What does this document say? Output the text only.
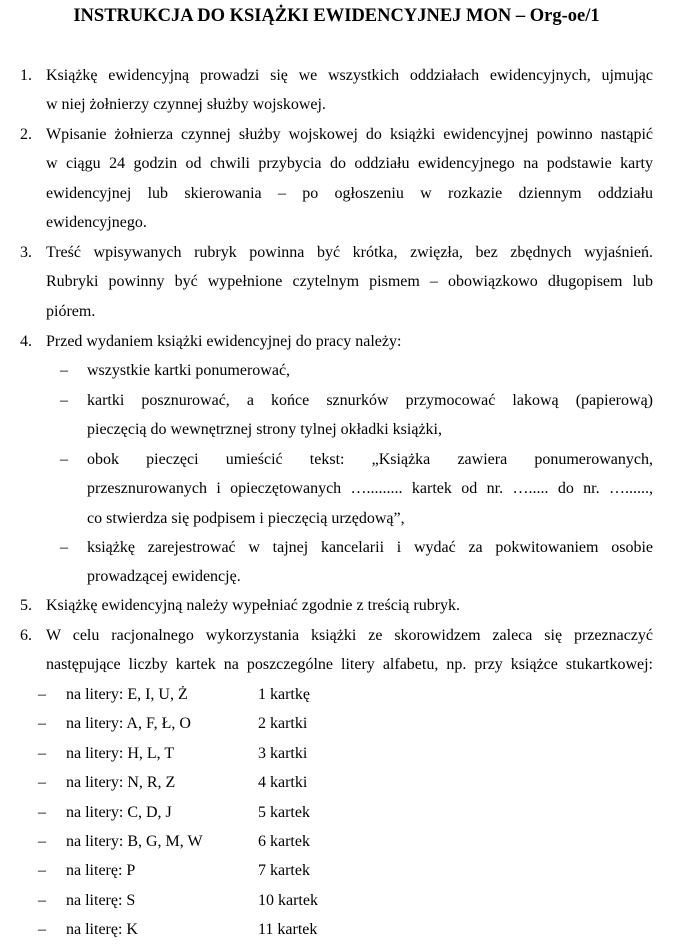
INSTRUKCJA DO KSIĄŻKI EWIDENCYJNEJ MON – Org-oe/1
1. Książkę ewidencyjną prowadzi się we wszystkich oddziałach ewidencyjnych, ujmując
w niej żołnierzy czynnej służby wojskowej.
2. Wpisanie żołnierza czynnej służby wojskowej do książki ewidencyjnej powinno nastąpić
w ciągu 24 godzin od chwili przybycia do oddziału ewidencyjnego na podstawie karty
ewidencyjnej lub skierowania – po ogłoszeniu w rozkazie dziennym oddziału
ewidencyjnego.
3. Treść wpisywanych rubryk powinna być krótka, zwięzła, bez zbędnych wyjaśnień.
Rubryki powinny być wypełnione czytelnym pismem – obowiązkowo długopisem lub
piórem.
4. Przed wydaniem książki ewidencyjnej do pracy należy:
5. Książkę ewidencyjną należy wypełniać zgodnie z treścią rubryk.
6. W celu racjonalnego wykorzystania książki ze skorowidzem zaleca się przeznaczyć
następujące liczby kartek na poszczególne litery alfabetu, np. przy książce stukartkowej:
– wszystkie kartki ponumerować,
– kartki posznurować, a końce sznurków przymocować lakową (papierową)
pieczęcią do wewnętrznej strony tylnej okładki książki,
– obok pieczęci umieścić tekst: „Książka zawiera ponumerowanych,
przesznurowanych i opieczętowanych …......... kartek od nr. …..... do nr. …......,
co stwierdza się podpisem i pieczęcią urzędową”,
– książkę zarejestrować w tajnej kancelarii i wydać za pokwitowaniem osobie
prowadzącej ewidencję.
– na litery: E, I, U, Ż	1 kartkę
– na litery: A, F, Ł, O	2 kartki
– na litery: H, L, T	3 kartki
– na litery: N, R, Z	4 kartki
– na litery: C, D, J	5 kartek
– na litery: B, G, M, W	6 kartek
– na literę: P	7 kartek
– na literę: S	10 kartek
– na literę: K	11 kartek
